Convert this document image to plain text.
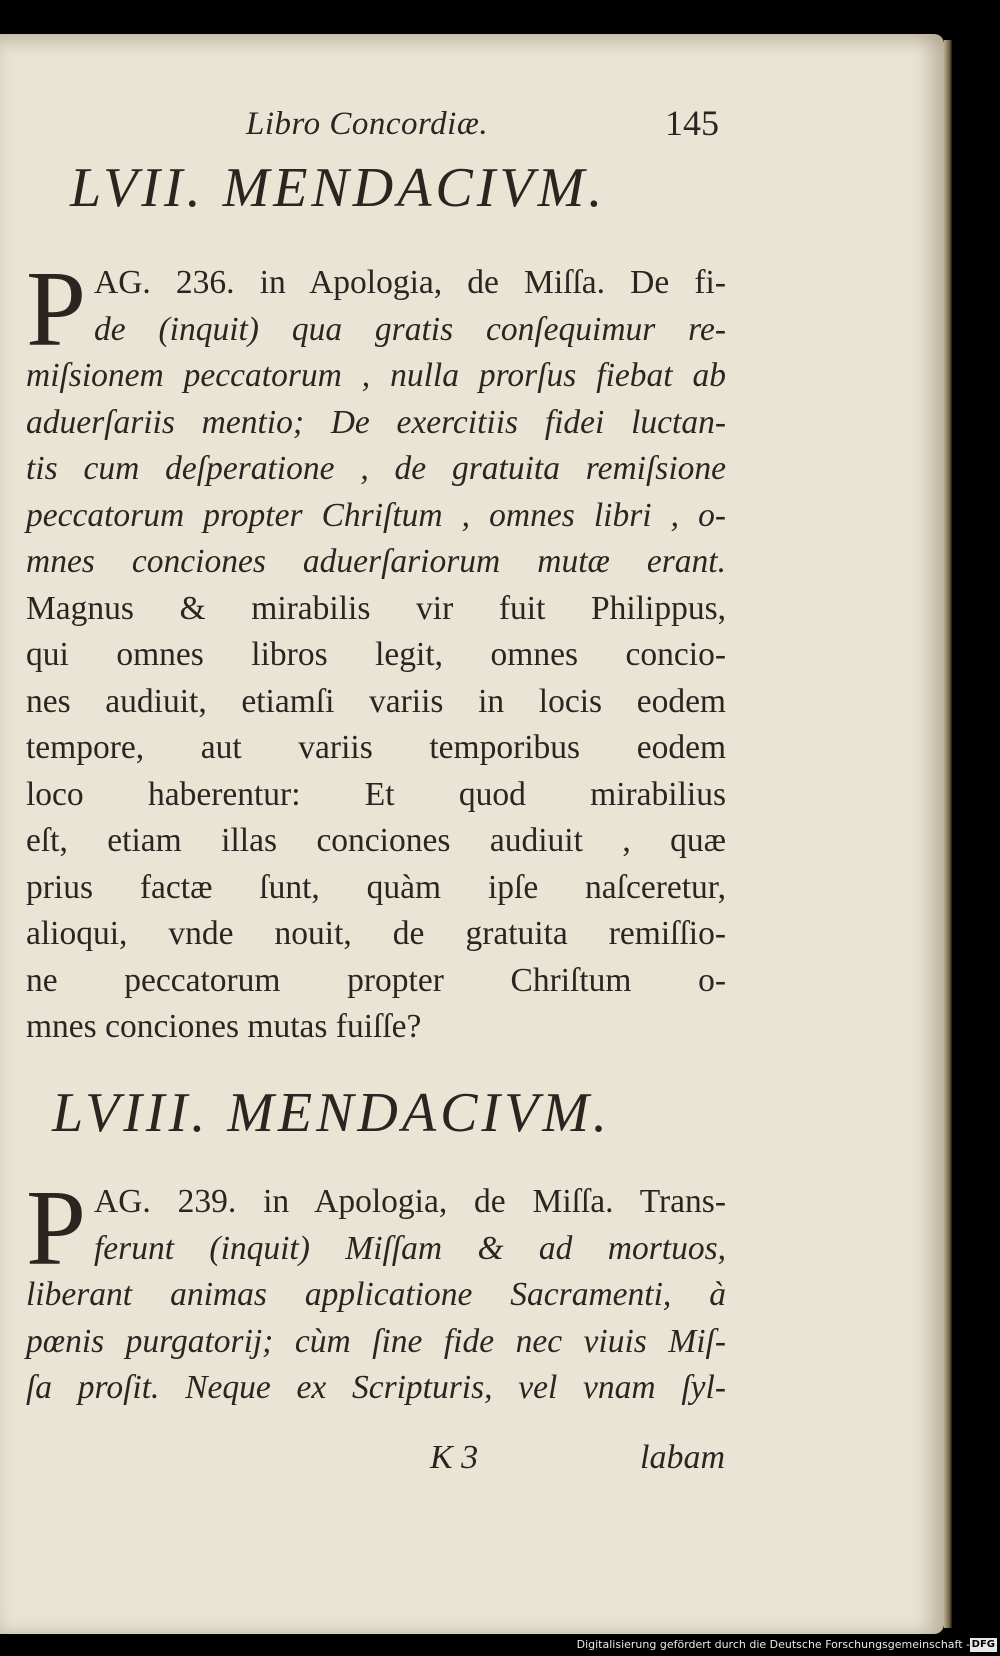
Libro Concordiæ.	145
LVII. MENDACIVM.
P AG. 236. in Apologia, de Miſſa. De fi-
de (inquit) qua gratis conſequimur re-
miſsionem peccatorum , nulla prorſus fiebat ab
aduerſariis mentio; De exercitiis fidei luctan-
tis cum deſperatione , de gratuita remiſsione
peccatorum propter Chriſtum , omnes libri , o-
mnes conciones aduerſariorum mutæ erant.
Magnus & mirabilis vir fuit Philippus,
qui omnes libros legit, omnes concio-
nes audiuit, etiamſi variis in locis eodem
tempore, aut variis temporibus eodem
loco haberentur: Et quod mirabilius
eſt, etiam illas conciones audiuit , quæ
prius factæ ſunt, quàm ipſe naſceretur,
alioqui, vnde nouit, de gratuita remiſſio-
ne peccatorum propter Chriſtum o-
mnes conciones mutas fuiſſe?
LVIII. MENDACIVM.
P AG. 239. in Apologia, de Miſſa. Trans-
ferunt (inquit) Miſſam & ad mortuos,
liberant animas applicatione Sacramenti, à
pœnis purgatorij; cùm ſine fide nec viuis Miſ-
ſa proſit. Neque ex Scripturis, vel vnam ſyl-
K 3	labam
Digitalisierung gefördert durch die Deutsche Forschungsgemeinschaft - DFG
